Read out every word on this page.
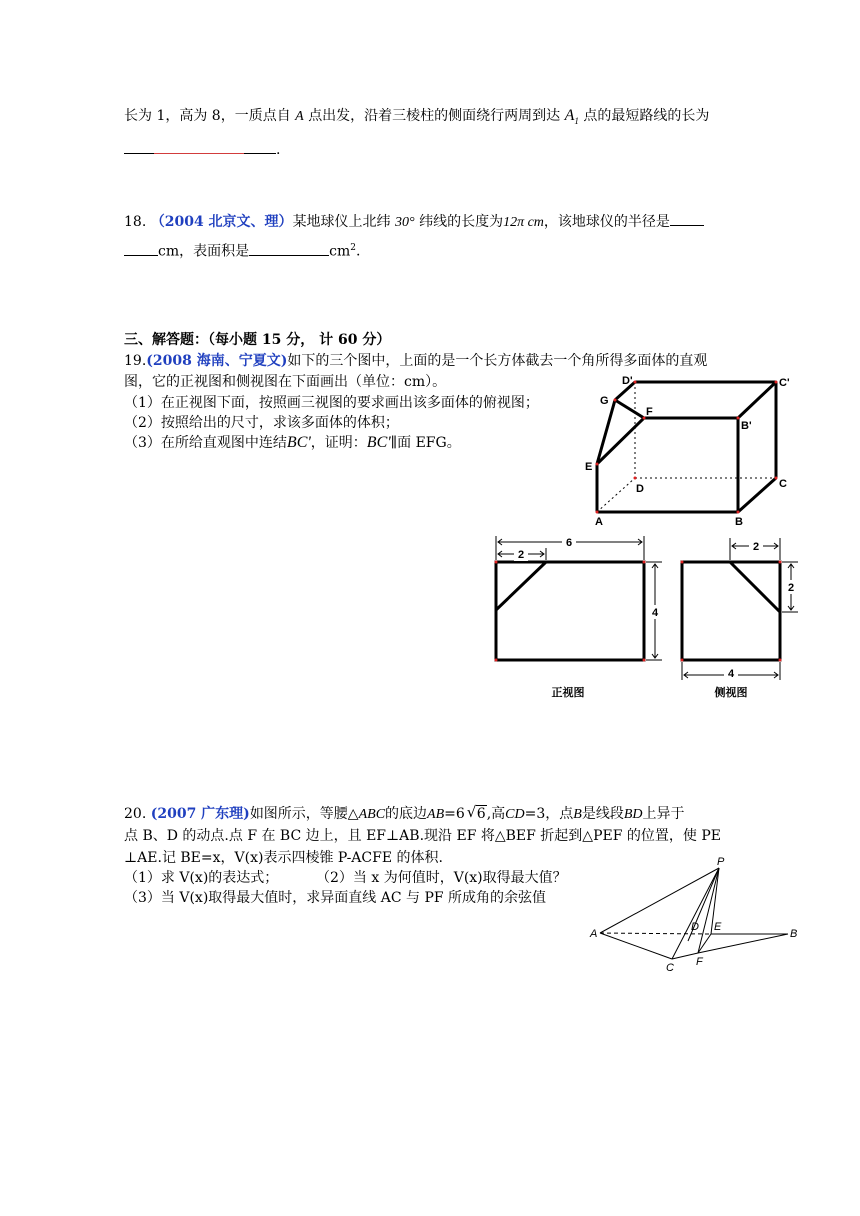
长为 1，高为 8，一质点自 A 点出发，沿着三棱柱的侧面绕行两周到达 $A_1$ 点的最短路线的长为
.
18. （2004 北京文、理）某地球仪上北纬 30° 纬线的长度为12π cm，该地球仪的半径是
cm，表面积是	$cm^2$.
三、解答题：（每小题 15 分， 计 60 分）
19.(2008 海南、宁夏文)如下的三个图中，上面的是一个长方体截去一个角所得多面体的直观
图，它的正视图和侧视图在下面画出（单位：cm）。
（1）在正视图下面，按照画三视图的要求画出该多面体的俯视图；
（2）按照给出的尺寸，求该多面体的体积；
（3）在所给直观图中连结BC'，证明：BC'∥面 EFG。
D'	C'
G
F
B'
E
D	C
A	B
6
2
4
2
2
4
正视图	侧视图
20. (2007 广东理)如图所示，等腰△ABC的底边AB=6 √ 6,高CD=3，点B是线段BD上异于
点 B、D 的动点.点 F 在 BC 边上，且 EF⊥AB.现沿 EF 将△BEF 折起到△PEF 的位置，使 PE
⊥AE.记 BE=x，V(x)表示四棱锥 P-ACFE 的体积.
（1）求 V(x)的表达式；	（2）当 x 为何值时，V(x)取得最大值？
（3）当 V(x)取得最大值时，求异面直线 AC 与 PF 所成角的余弦值
P
A
D E
B
C F
